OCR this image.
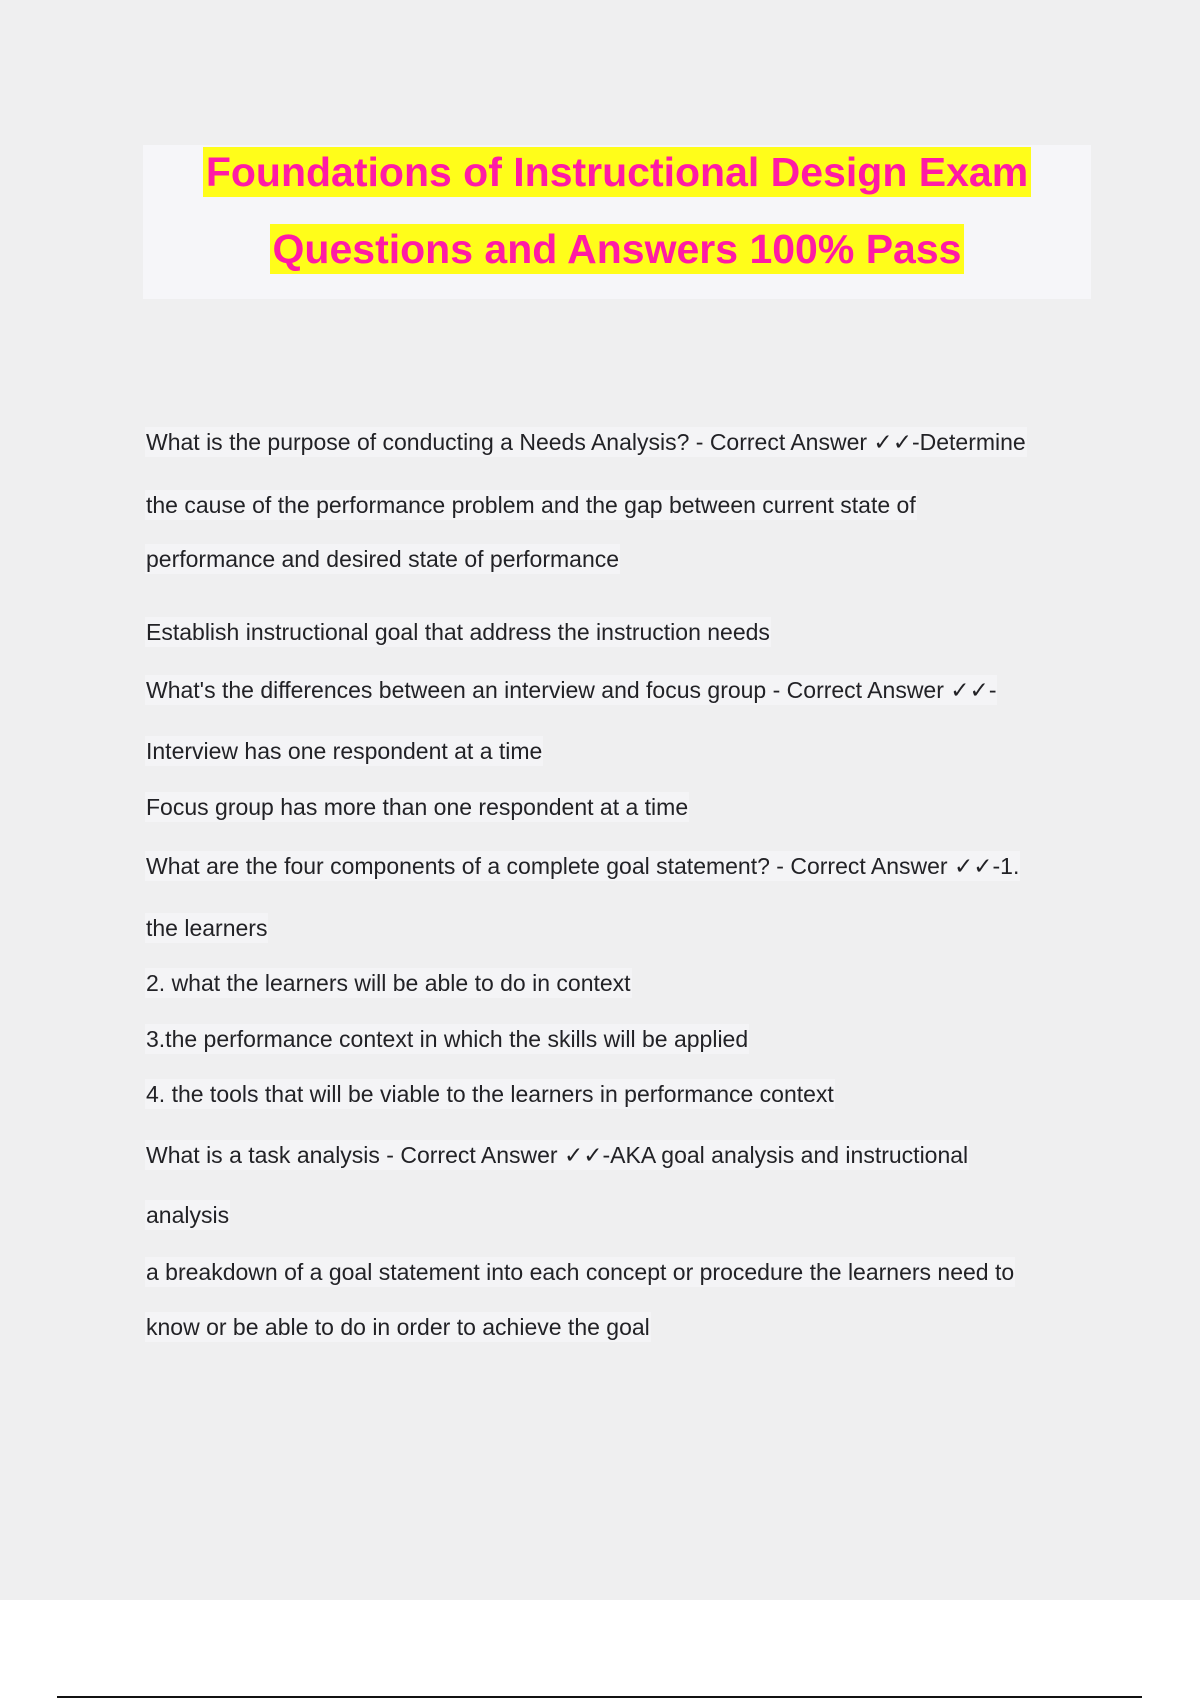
Foundations of Instructional Design Exam
Questions and Answers 100% Pass
What is the purpose of conducting a Needs Analysis? - Correct Answer ✓✓-Determine
the cause of the performance problem and the gap between current state of
performance and desired state of performance
Establish instructional goal that address the instruction needs
What's the differences between an interview and focus group - Correct Answer ✓✓-
Interview has one respondent at a time
Focus group has more than one respondent at a time
What are the four components of a complete goal statement? - Correct Answer ✓✓-1.
the learners
2. what the learners will be able to do in context
3.the performance context in which the skills will be applied
4. the tools that will be viable to the learners in performance context
What is a task analysis - Correct Answer ✓✓-AKA goal analysis and instructional
analysis
a breakdown of a goal statement into each concept or procedure the learners need to
know or be able to do in order to achieve the goal
